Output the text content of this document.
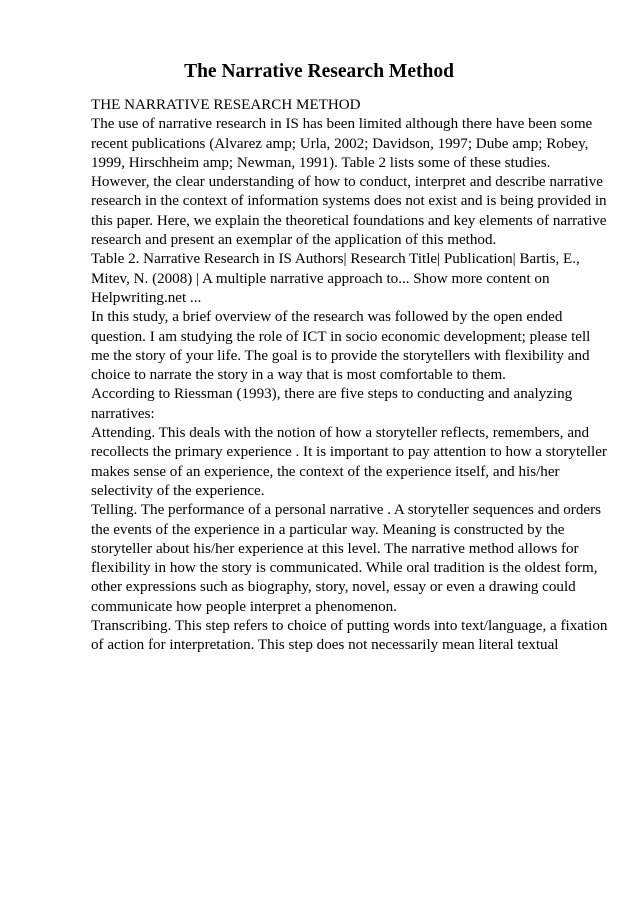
The Narrative Research Method
THE NARRATIVE RESEARCH METHOD
The use of narrative research in IS has been limited although there have been some
recent publications (Alvarez amp; Urla, 2002; Davidson, 1997; Dube amp; Robey,
1999, Hirschheim amp; Newman, 1991). Table 2 lists some of these studies.
However, the clear understanding of how to conduct, interpret and describe narrative
research in the context of information systems does not exist and is being provided in
this paper. Here, we explain the theoretical foundations and key elements of narrative
research and present an exemplar of the application of this method.
Table 2. Narrative Research in IS Authors| Research Title| Publication| Bartis, E.,
Mitev, N. (2008) | A multiple narrative approach to... Show more content on
Helpwriting.net ...
In this study, a brief overview of the research was followed by the open ended
question. I am studying the role of ICT in socio economic development; please tell
me the story of your life. The goal is to provide the storytellers with flexibility and
choice to narrate the story in a way that is most comfortable to them.
According to Riessman (1993), there are five steps to conducting and analyzing
narratives:
Attending. This deals with the notion of how a storyteller reflects, remembers, and
recollects the primary experience . It is important to pay attention to how a storyteller
makes sense of an experience, the context of the experience itself, and his/her
selectivity of the experience.
Telling. The performance of a personal narrative . A storyteller sequences and orders
the events of the experience in a particular way. Meaning is constructed by the
storyteller about his/her experience at this level. The narrative method allows for
flexibility in how the story is communicated. While oral tradition is the oldest form,
other expressions such as biography, story, novel, essay or even a drawing could
communicate how people interpret a phenomenon.
Transcribing. This step refers to choice of putting words into text/language, a fixation
of action for interpretation. This step does not necessarily mean literal textual
